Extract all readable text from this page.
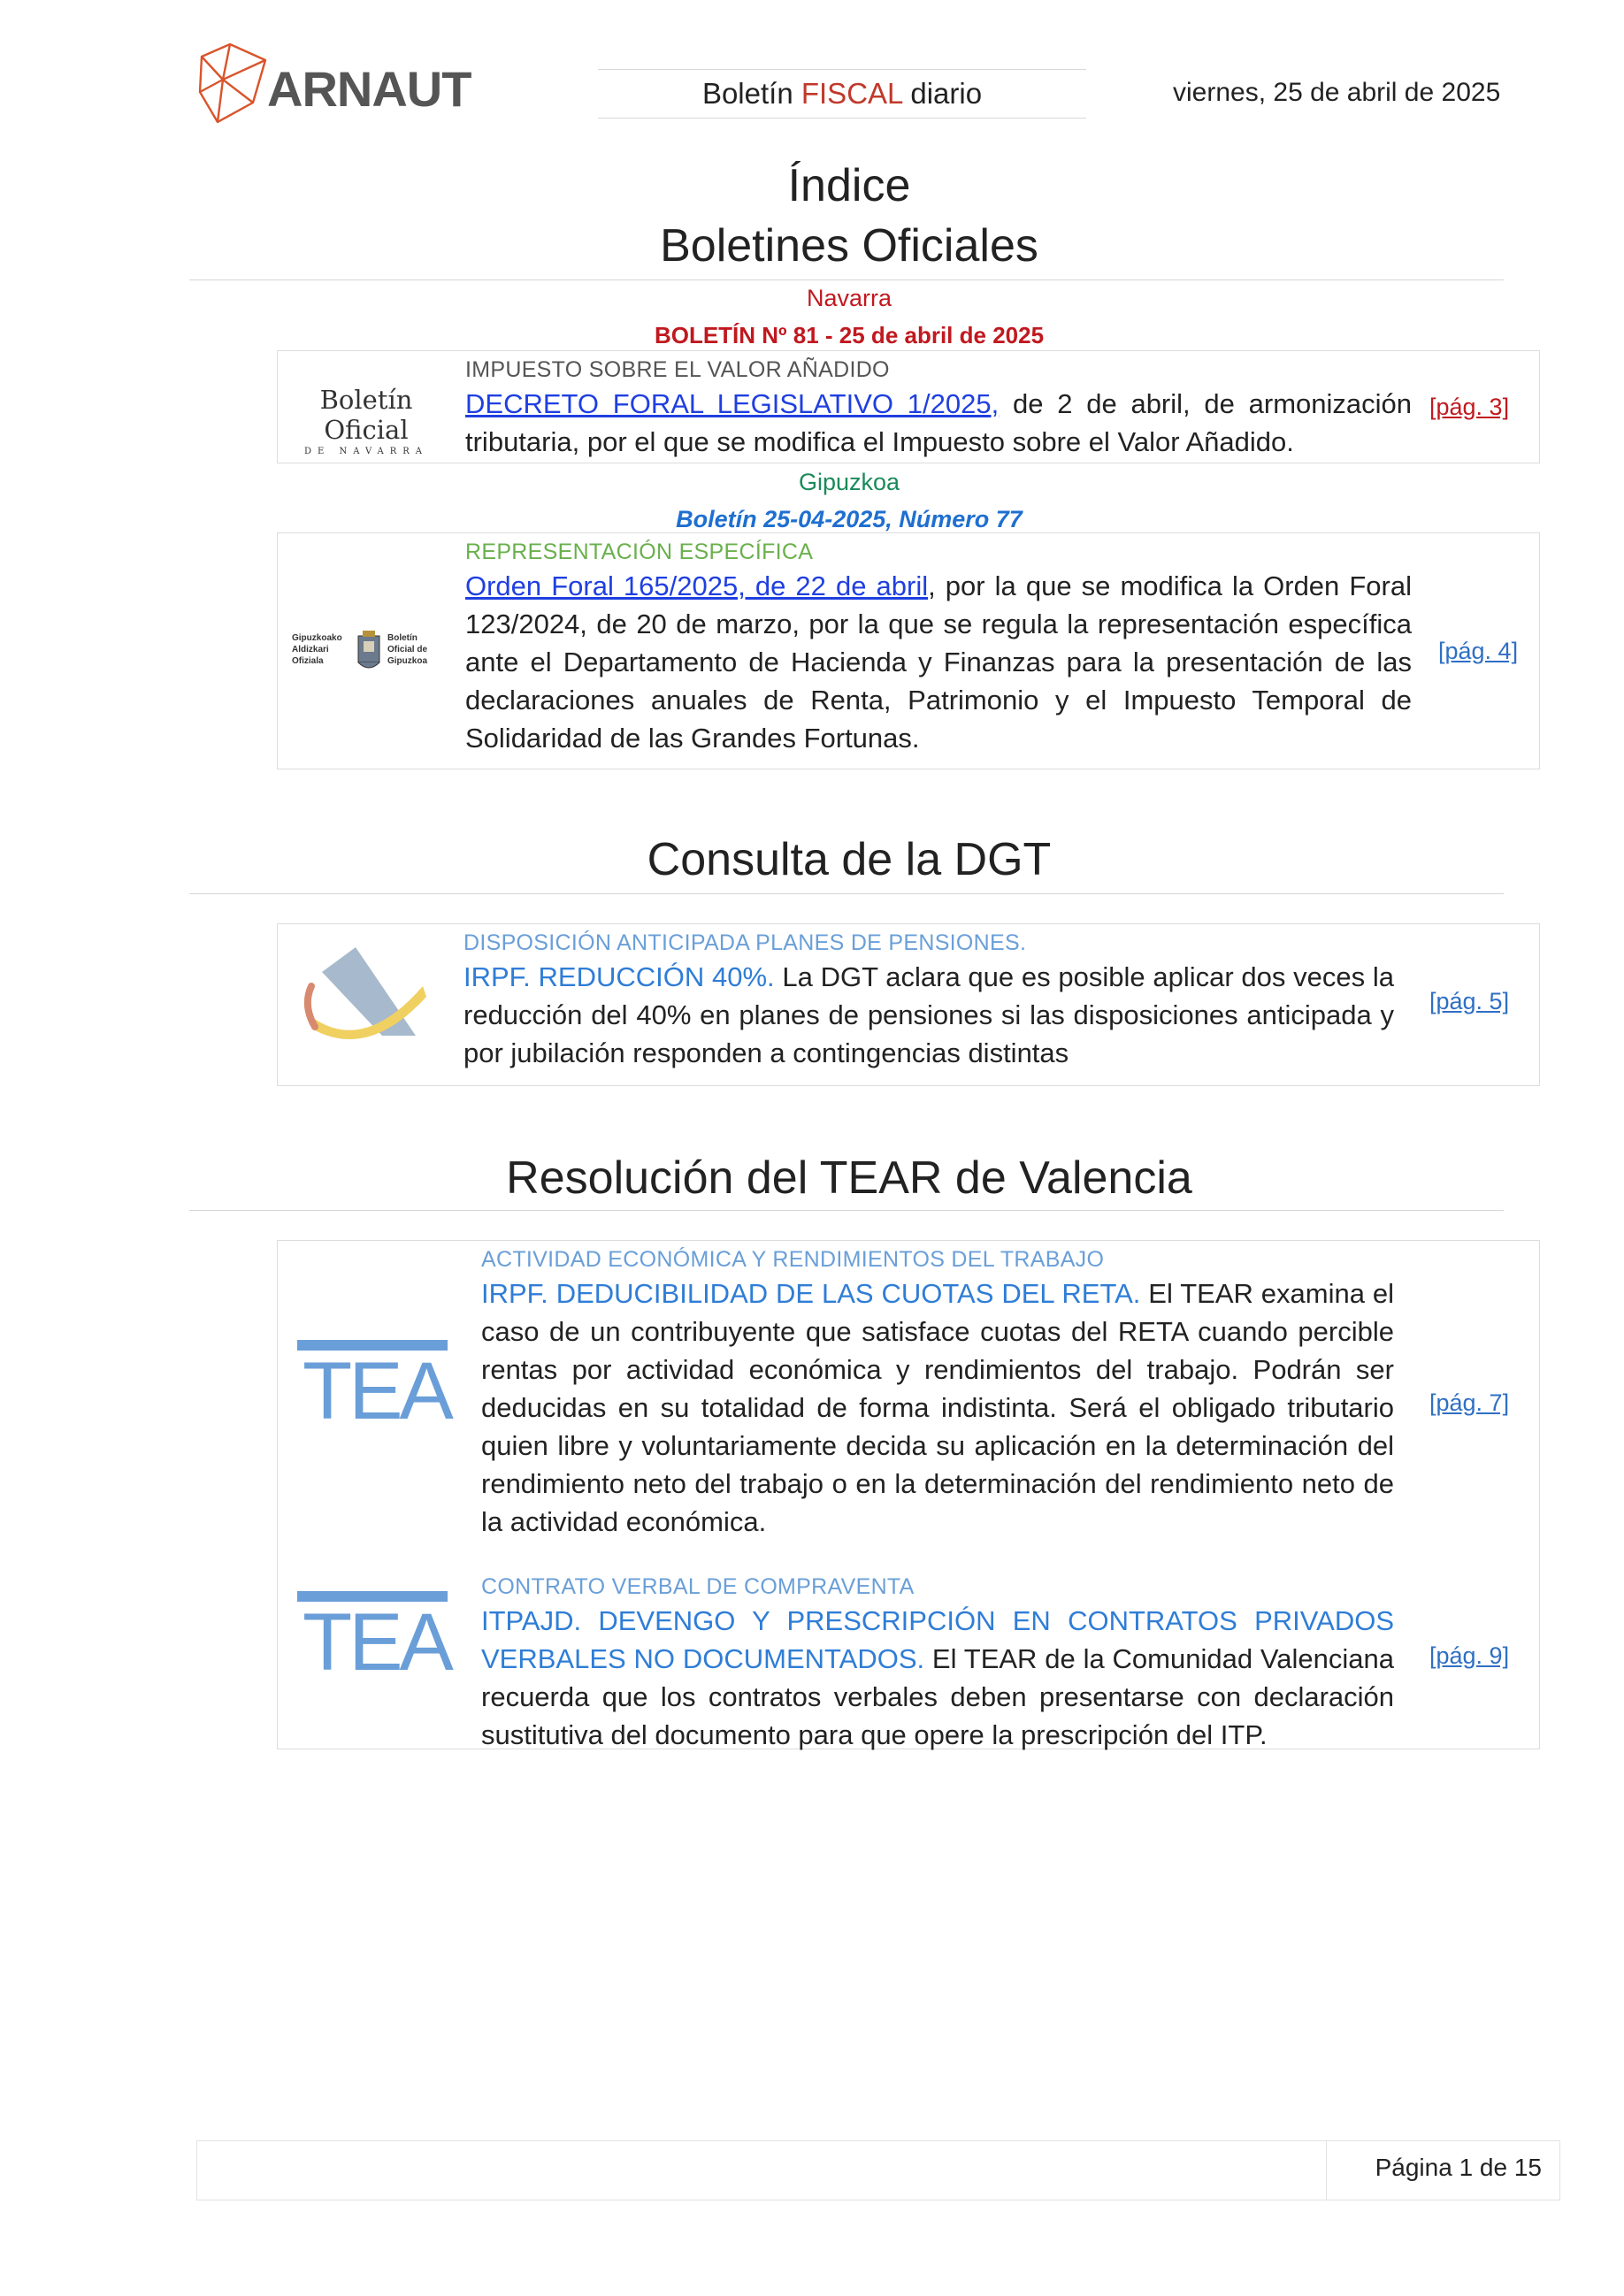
ARNAUT	Boletín FISCAL diario	viernes, 25 de abril de 2025
Índice
Boletines Oficiales
Navarra
BOLETÍN Nº 81 - 25 de abril de 2025
Boletín Oficial
DE NAVARRA
IMPUESTO SOBRE EL VALOR AÑADIDO
DECRETO FORAL LEGISLATIVO 1/2025, de 2 de abril, de armonización tributaria, por el que se modifica el Impuesto sobre el Valor Añadido.
[pág. 3]
Gipuzkoa
Boletín 25-04-2025, Número 77
Gipuzkoako Aldizkari Ofiziala
Boletín Oficial de Gipuzkoa
REPRESENTACIÓN ESPECÍFICA
Orden Foral 165/2025, de 22 de abril, por la que se modifica la Orden Foral 123/2024, de 20 de marzo, por la que se regula la representación específica ante el Departamento de Hacienda y Finanzas para la presentación de las declaraciones anuales de Renta, Patrimonio y el Impuesto Temporal de Solidaridad de las Grandes Fortunas.
[pág. 4]
Consulta de la DGT
DISPOSICIÓN ANTICIPADA PLANES DE PENSIONES.
IRPF. REDUCCIÓN 40%. La DGT aclara que es posible aplicar dos veces la reducción del 40% en planes de pensiones si las disposiciones anticipada y por jubilación responden a contingencias distintas
[pág. 5]
Resolución del TEAR de Valencia
TEA
ACTIVIDAD ECONÓMICA Y RENDIMIENTOS DEL TRABAJO
IRPF. DEDUCIBILIDAD DE LAS CUOTAS DEL RETA. El TEAR examina el caso de un contribuyente que satisface cuotas del RETA cuando percible rentas por actividad económica y rendimientos del trabajo. Podrán ser deducidas en su totalidad de forma indistinta. Será el obligado tributario quien libre y voluntariamente decida su aplicación en la determinación del rendimiento neto del trabajo o en la determinación del rendimiento neto de la actividad económica.
[pág. 7]
TEA
CONTRATO VERBAL DE COMPRAVENTA
ITPAJD. DEVENGO Y PRESCRIPCIÓN EN CONTRATOS PRIVADOS VERBALES NO DOCUMENTADOS. El TEAR de la Comunidad Valenciana recuerda que los contratos verbales deben presentarse con declaración sustitutiva del documento para que opere la prescripción del ITP.
[pág. 9]
Página 1 de 15
